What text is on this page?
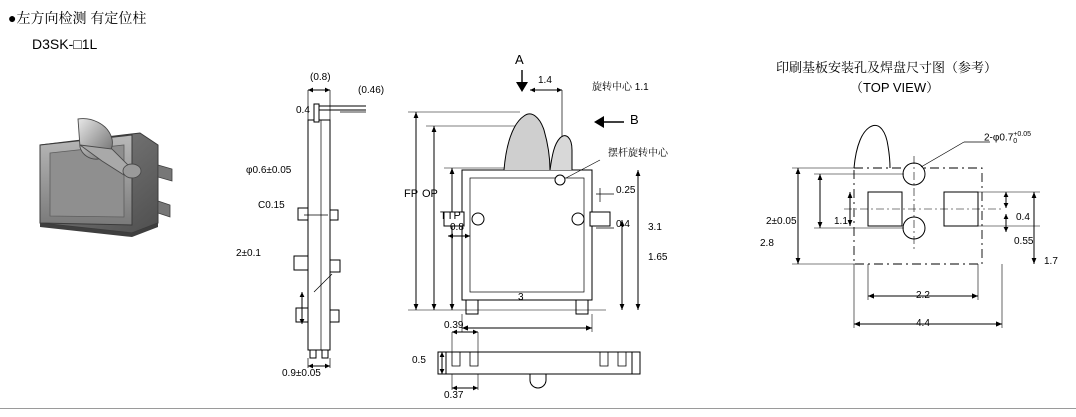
●左方向检测 有定位柱
D3SK-□1L
(0.8)
(0.46)
0.4
φ0.6±0.05
C0.15
2±0.1
0.9±0.05
A
B
1.4
旋转中心 1.1
摆杆旋转中心
FP OP
TTP
0.8
0.25
0.4 3.1
1.65
3
0.39
0.5
0.37
印刷基板安装孔及焊盘尺寸图（参考）
（TOP VIEW）
2-φ0.7 +0.05
0
2±0.05	1.1
2.8
0.4
0.55
1.7
2.2
4.4
